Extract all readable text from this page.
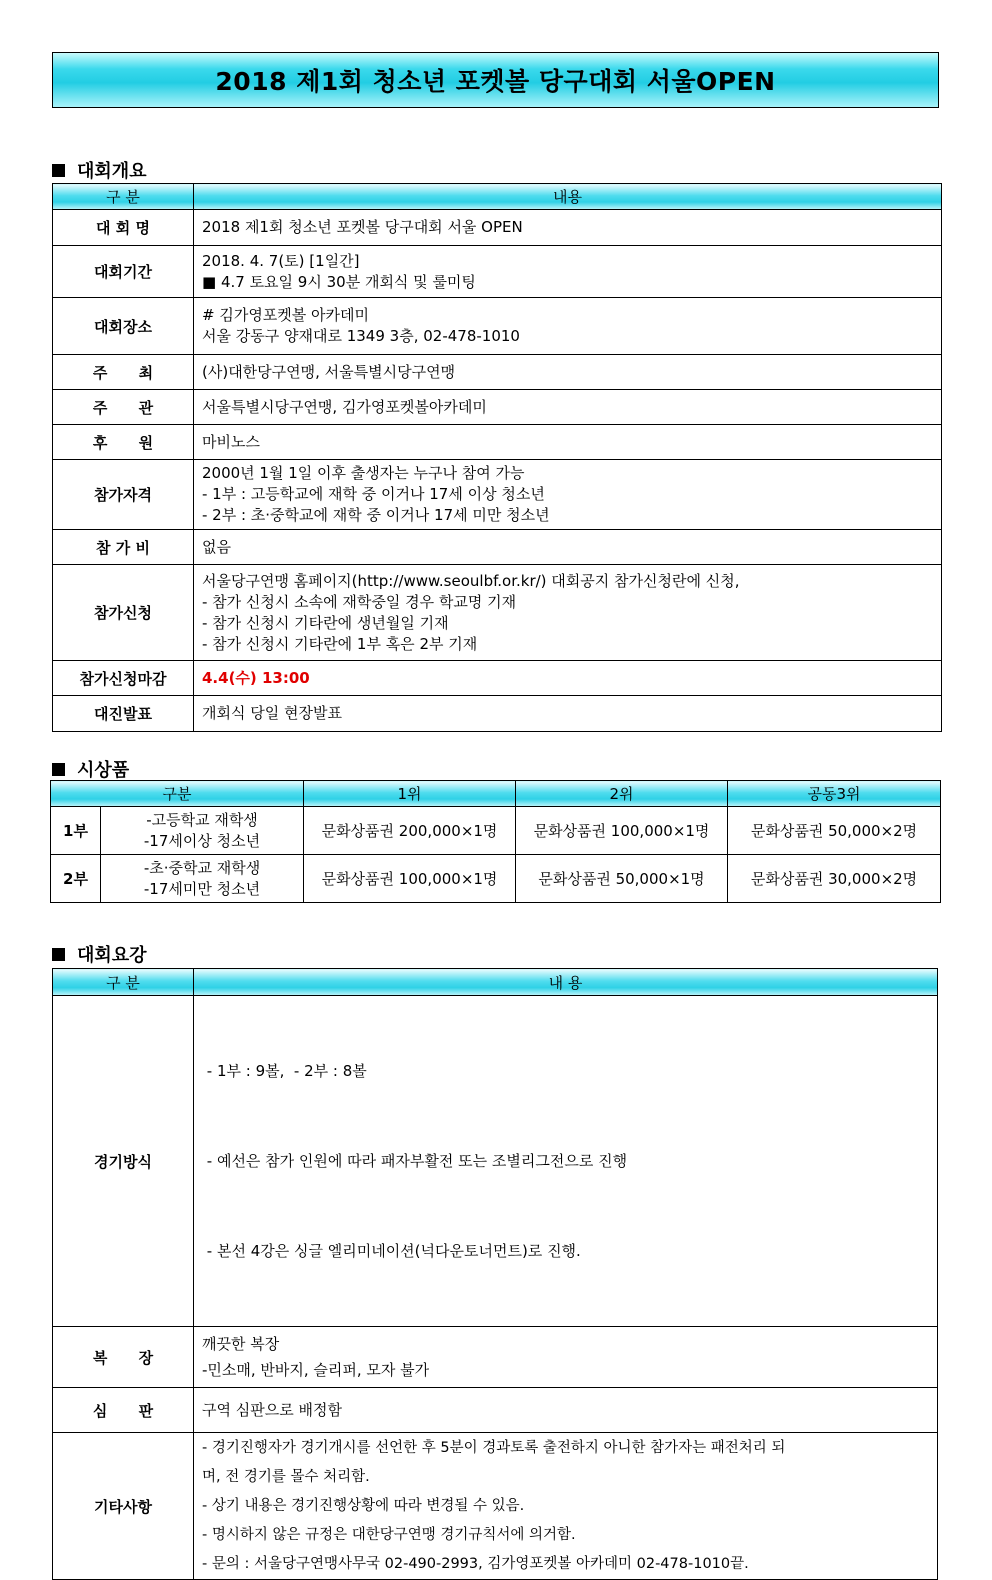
2018 제1회 청소년 포켓볼 당구대회 서울OPEN
대회개요
구 분	내용
대 회 명	2018 제1회 청소년 포켓볼 당구대회 서울 OPEN

대회기간	2018. 4. 7(토) [1일간]
■ 4.7 토요일 9시 30분 개회식 및 룰미팅

대회장소	# 김가영포켓볼 아카데미
서울 강동구 양재대로 1349 3층, 02-478-1010

주 최	(사)대한당구연맹, 서울특별시당구연맹

주 관	서울특별시당구연맹, 김가영포켓볼아카데미

후 원	마비노스

참가자격	2000년 1월 1일 이후 출생자는 누구나 참여 가능
- 1부 : 고등학교에 재학 중 이거나 17세 이상 청소년
- 2부 : 초·중학교에 재학 중 이거나 17세 미만 청소년

참 가 비	없음

참가신청	서울당구연맹 홈페이지(http://www.seoulbf.or.kr/) 대회공지 참가신청란에 신청,
- 참가 신청시 소속에 재학중일 경우 학교명 기재
- 참가 신청시 기타란에 생년월일 기재
- 참가 신청시 기타란에 1부 혹은 2부 기재

참가신청마감	4.4(수) 13:00

대진발표	개회식 당일 현장발표
시상품
구분		1위	2위	공동3위
1부	-고등학교 재학생
-17세이상 청소년	문화상품권 200,000×1명	문화상품권 100,000×1명	문화상품권 50,000×2명
2부	-초·중학교 재학생
-17세미만 청소년	문화상품권 100,000×1명	문화상품권 50,000×1명	문화상품권 30,000×2명
대회요강
구 분	내 용
경기방식	- 1부 : 9볼,  - 2부 : 8볼

- 예선은 참가 인원에 따라 패자부활전 또는 조별리그전으로 진행

- 본선 4강은 싱글 엘리미네이션(넉다운토너먼트)로 진행.

복 장	깨끗한 복장
-민소매, 반바지, 슬리퍼, 모자 불가

심 판	구역 심판으로 배정함

기타사항	- 경기진행자가 경기개시를 선언한 후 5분이 경과토록 출전하지 아니한 참가자는 패전처리 되
며, 전 경기를 몰수 처리함.
- 상기 내용은 경기진행상황에 따라 변경될 수 있음.
- 명시하지 않은 규정은 대한당구연맹 경기규칙서에 의거함.
- 문의 : 서울당구연맹사무국 02-490-2993, 김가영포켓볼 아카데미 02-478-1010끝.
